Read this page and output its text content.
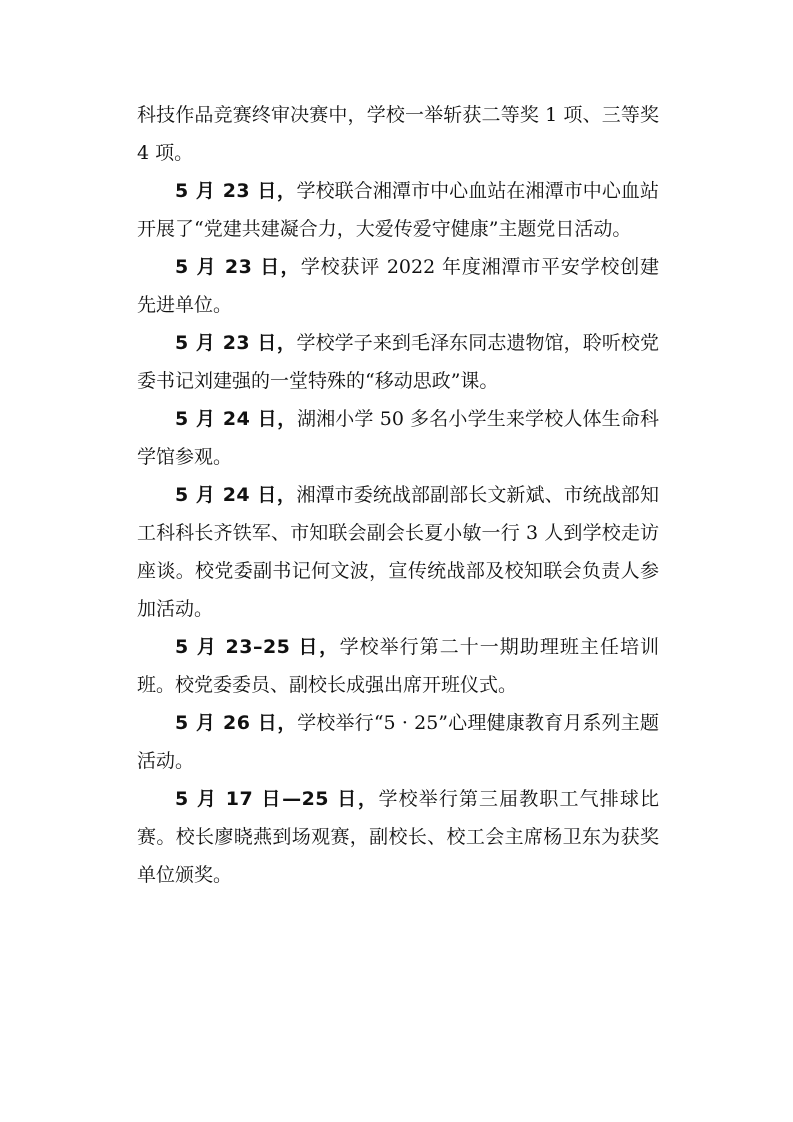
科技作品竞赛终审决赛中，学校一举斩获二等奖 1 项、三等奖 4 项。

5 月 23 日，学校联合湘潭市中心血站在湘潭市中心血站开展了“党建共建凝合力，大爱传爱守健康”主题党日活动。

5 月 23 日，学校获评 2022 年度湘潭市平安学校创建先进单位。

5 月 23 日，学校学子来到毛泽东同志遗物馆，聆听校党委书记刘建强的一堂特殊的“移动思政”课。

5 月 24 日，湖湘小学 50 多名小学生来学校人体生命科学馆参观。

5 月 24 日，湘潭市委统战部副部长文新斌、市统战部知工科科长齐铁军、市知联会副会长夏小敏一行 3 人到学校走访座谈。校党委副书记何文波，宣传统战部及校知联会负责人参加活动。

5 月 23–25 日，学校举行第二十一期助理班主任培训班。校党委委员、副校长成强出席开班仪式。

5 月 26 日，学校举行“5 · 25”心理健康教育月系列主题活动。

5 月 17 日—25 日，学校举行第三届教职工气排球比赛。校长廖晓燕到场观赛，副校长、校工会主席杨卫东为获奖单位颁奖。
